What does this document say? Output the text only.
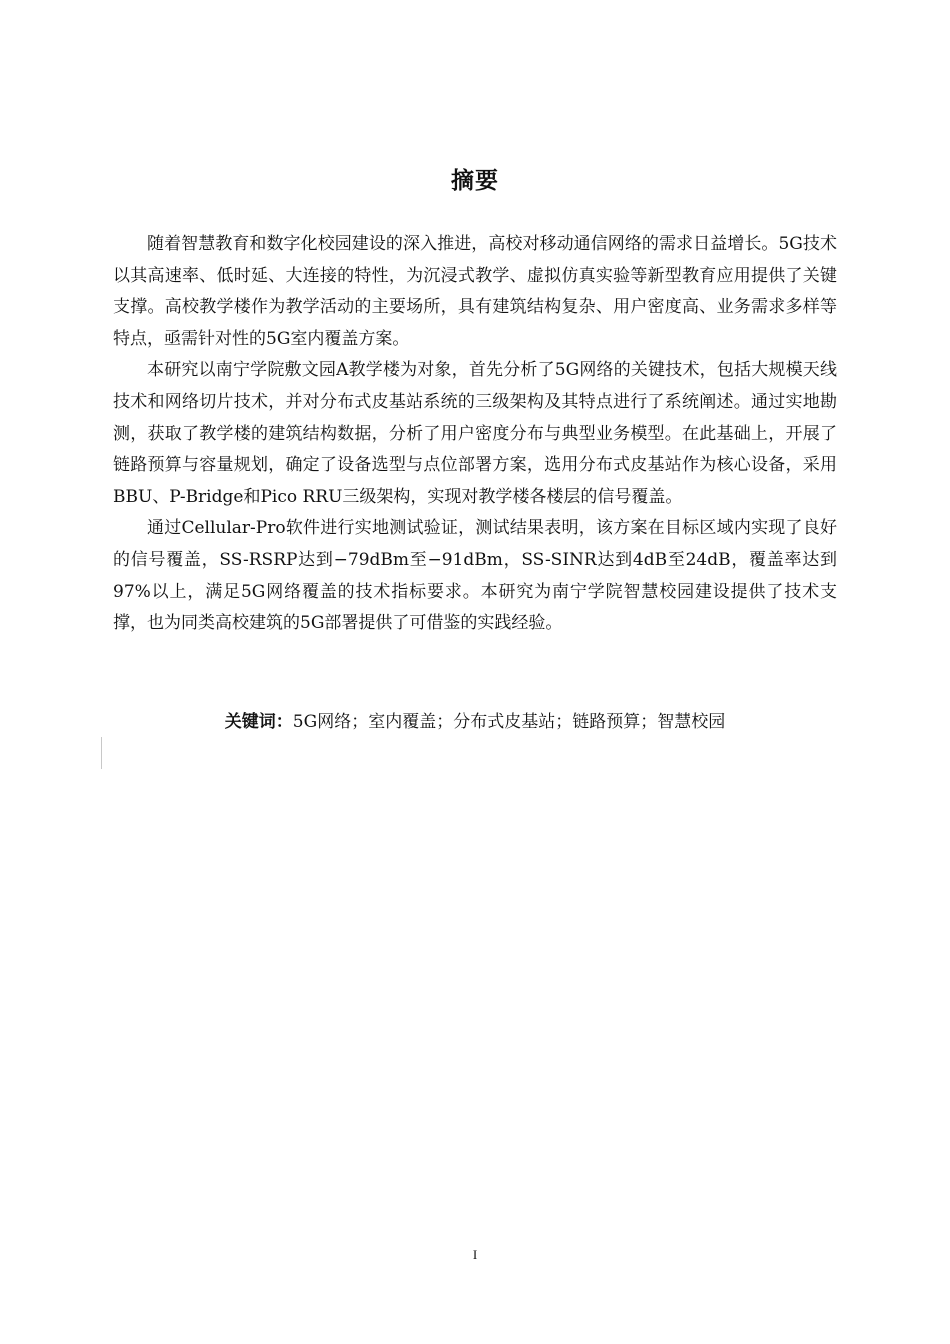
摘要

随着智慧教育和数字化校园建设的深入推进，高校对移动通信网络的需求日益增长。5G技术以其高速率、低时延、大连接的特性，为沉浸式教学、虚拟仿真实验等新型教育应用提供了关键支撑。高校教学楼作为教学活动的主要场所，具有建筑结构复杂、用户密度高、业务需求多样等特点，亟需针对性的5G室内覆盖方案。

本研究以南宁学院敷文园A教学楼为对象，首先分析了5G网络的关键技术，包括大规模天线技术和网络切片技术，并对分布式皮基站系统的三级架构及其特点进行了系统阐述。通过实地勘测，获取了教学楼的建筑结构数据，分析了用户密度分布与典型业务模型。在此基础上，开展了链路预算与容量规划，确定了设备选型与点位部署方案，选用分布式皮基站作为核心设备，采用BBU、P-Bridge和Pico RRU三级架构，实现对教学楼各楼层的信号覆盖。

通过Cellular-Pro软件进行实地测试验证，测试结果表明，该方案在目标区域内实现了良好的信号覆盖，SS-RSRP达到−79dBm至−91dBm，SS-SINR达到4dB至24dB，覆盖率达到97%以上，满足5G网络覆盖的技术指标要求。本研究为南宁学院智慧校园建设提供了技术支撑，也为同类高校建筑的5G部署提供了可借鉴的实践经验。

关键词：5G网络；室内覆盖；分布式皮基站；链路预算；智慧校园
I
